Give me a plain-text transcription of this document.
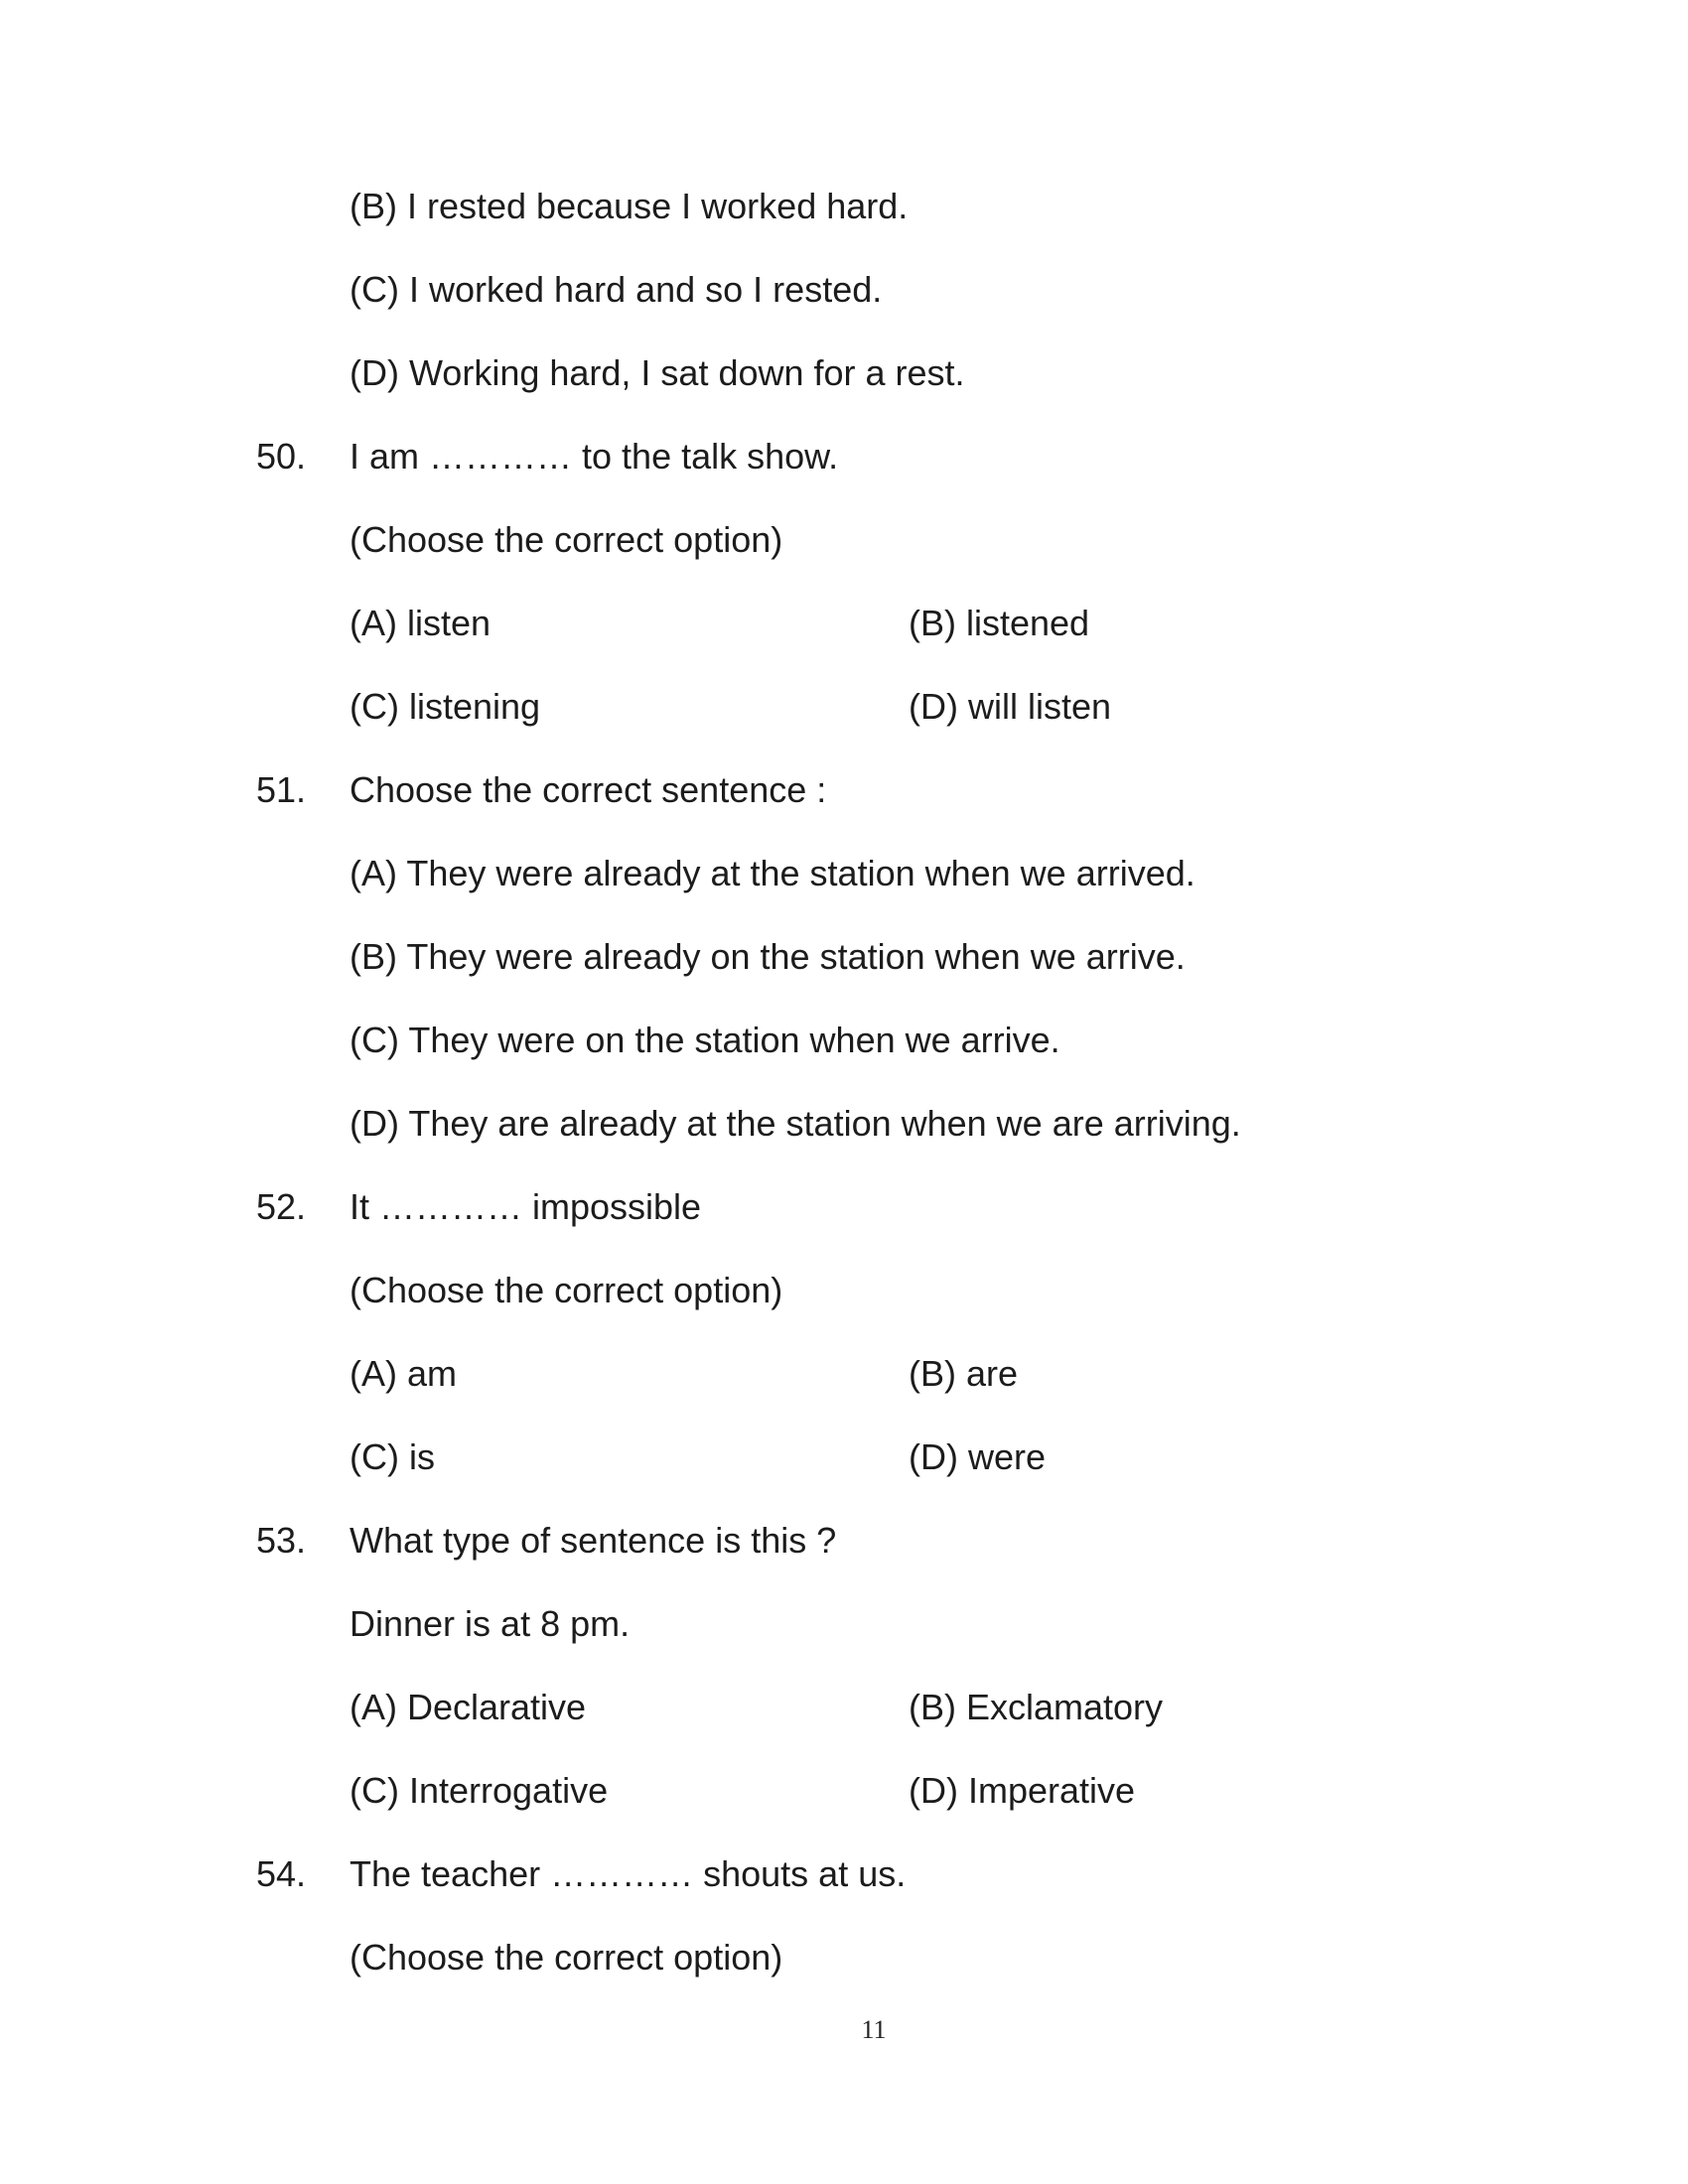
(B) I rested because I worked hard.
(C) I worked hard and so I rested.
(D) Working hard, I sat down for a rest.
50. I am ………… to the talk show.
(Choose the correct option)
(A) listen	(B) listened
(C) listening	(D) will listen
51. Choose the correct sentence :
(A) They were already at the station when we arrived.
(B) They were already on the station when we arrive.
(C) They were on the station when we arrive.
(D) They are already at the station when we are arriving.
52. It ………… impossible
(Choose the correct option)
(A) am	(B) are
(C) is	(D) were
53. What type of sentence is this ?
Dinner is at 8 pm.
(A) Declarative	(B) Exclamatory
(C) Interrogative	(D) Imperative
54. The teacher ………… shouts at us.
(Choose the correct option)
11
